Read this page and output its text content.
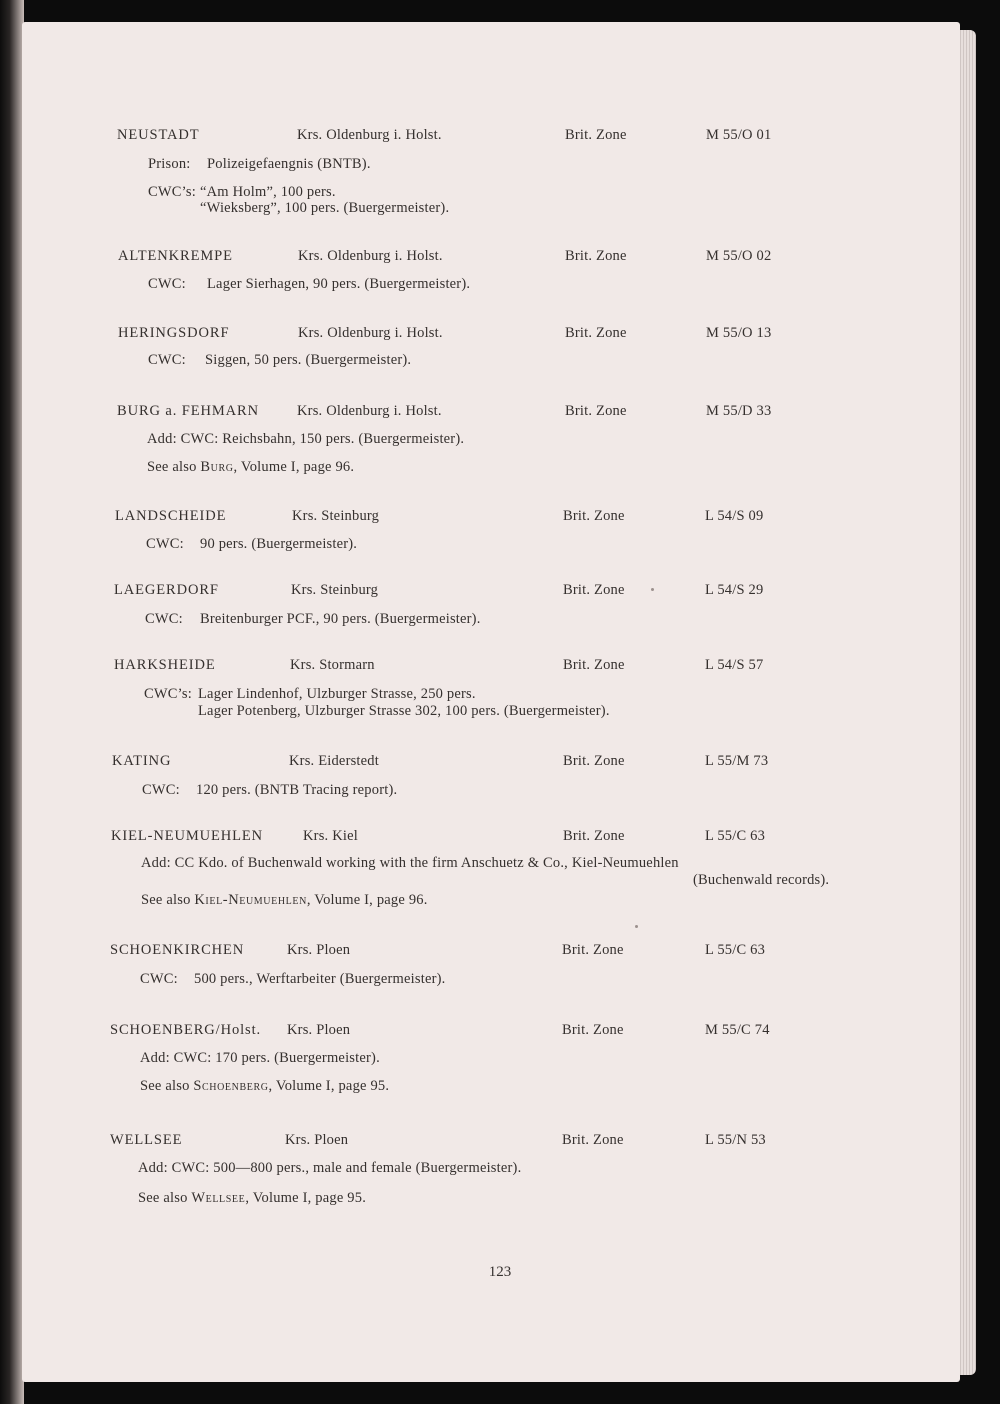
NEUSTADT	Krs. Oldenburg i. Holst.	Brit. Zone	M 55/O 01
Prison: Polizeigefaengnis (BNTB).
CWC’s: “Am Holm”, 100 pers.
“Wieksberg”, 100 pers. (Buergermeister).
ALTENKREMPE	Krs. Oldenburg i. Holst.	Brit. Zone	M 55/O 02
CWC: Lager Sierhagen, 90 pers. (Buergermeister).
HERINGSDORF	Krs. Oldenburg i. Holst.	Brit. Zone	M 55/O 13
CWC: Siggen, 50 pers. (Buergermeister).
BURG a. FEHMARN	Krs. Oldenburg i. Holst.	Brit. Zone	M 55/D 33
Add: CWC: Reichsbahn, 150 pers. (Buergermeister).
See also Burg, Volume I, page 96.
LANDSCHEIDE	Krs. Steinburg	Brit. Zone	L 54/S 09
CWC: 90 pers. (Buergermeister).
LAEGERDORF	Krs. Steinburg	Brit. Zone	L 54/S 29
CWC: Breitenburger PCF., 90 pers. (Buergermeister).
HARKSHEIDE	Krs. Stormarn	Brit. Zone	L 54/S 57
CWC’s: Lager Lindenhof, Ulzburger Strasse, 250 pers.
Lager Potenberg, Ulzburger Strasse 302, 100 pers. (Buergermeister).
KATING	Krs. Eiderstedt	Brit. Zone	L 55/M 73
CWC: 120 pers. (BNTB Tracing report).
KIEL-NEUMUEHLEN	Krs. Kiel	Brit. Zone	L 55/C 63
Add: CC Kdo. of Buchenwald working with the firm Anschuetz & Co., Kiel-Neumuehlen
(Buchenwald records).
See also Kiel-Neumuehlen, Volume I, page 96.
SCHOENKIRCHEN	Krs. Ploen	Brit. Zone	L 55/C 63
CWC: 500 pers., Werftarbeiter (Buergermeister).
SCHOENBERG/Holst. Krs. Ploen	Brit. Zone	M 55/C 74
Add: CWC: 170 pers. (Buergermeister).
See also Schoenberg, Volume I, page 95.
WELLSEE	Krs. Ploen	Brit. Zone	L 55/N 53
Add: CWC: 500—800 pers., male and female (Buergermeister).
See also Wellsee, Volume I, page 95.
123
